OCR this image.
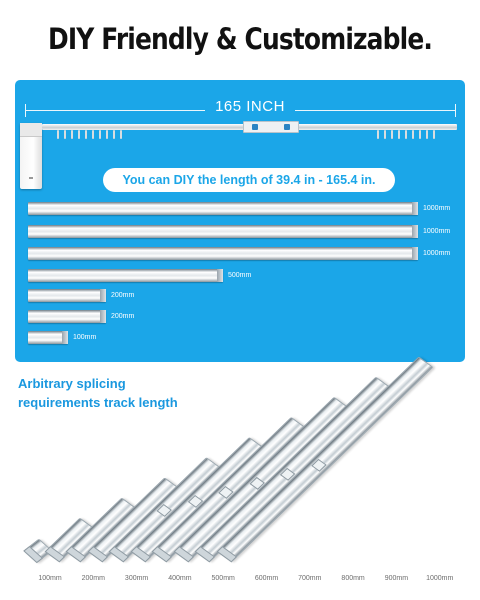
DIY Friendly & Customizable.
165 INCH
You can DIY the length of 39.4 in - 165.4 in.
1000mm
1000mm
1000mm
500mm
200mm
200mm
100mm
Arbitrary splicing
requirements track length
100mm	200mm	300mm	400mm	500mm	600mm	700mm	800mm	900mm	1000mm
